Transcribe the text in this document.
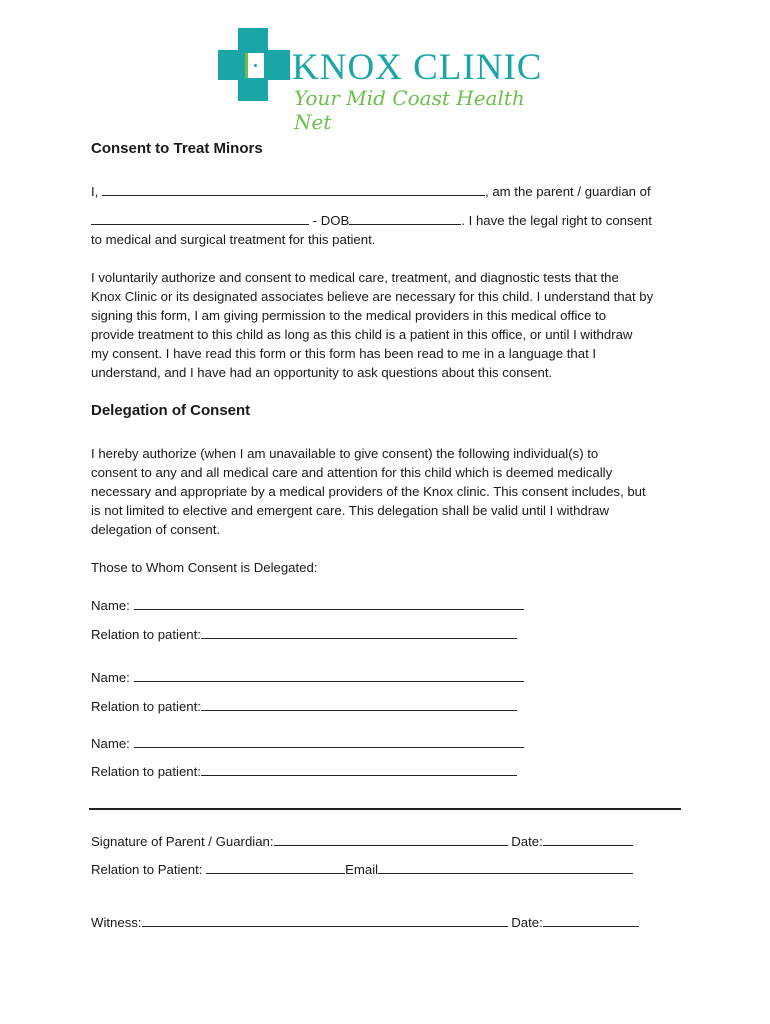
KNOX CLINIC
Your Mid Coast Health Net
Consent to Treat Minors
I,	, am the parent / guardian of
- DOB	. I have the legal right to consent
to medical and surgical treatment for this patient.
I voluntarily authorize and consent to medical care, treatment, and diagnostic tests that the
Knox Clinic or its designated associates believe are necessary for this child. I understand that by
signing this form, I am giving permission to the medical providers in this medical office to
provide treatment to this child as long as this child is a patient in this office, or until I withdraw
my consent. I have read this form or this form has been read to me in a language that I
understand, and I have had an opportunity to ask questions about this consent.
Delegation of Consent
I hereby authorize (when I am unavailable to give consent) the following individual(s) to
consent to any and all medical care and attention for this child which is deemed medically
necessary and appropriate by a medical providers of the Knox clinic. This consent includes, but
is not limited to elective and emergent care. This delegation shall be valid until I withdraw
delegation of consent.
Those to Whom Consent is Delegated:
Name:
Relation to patient:
Name:
Relation to patient:
Name:
Relation to patient:
Signature of Parent / Guardian:	Date:
Relation to Patient:	Email
Witness:	Date:
